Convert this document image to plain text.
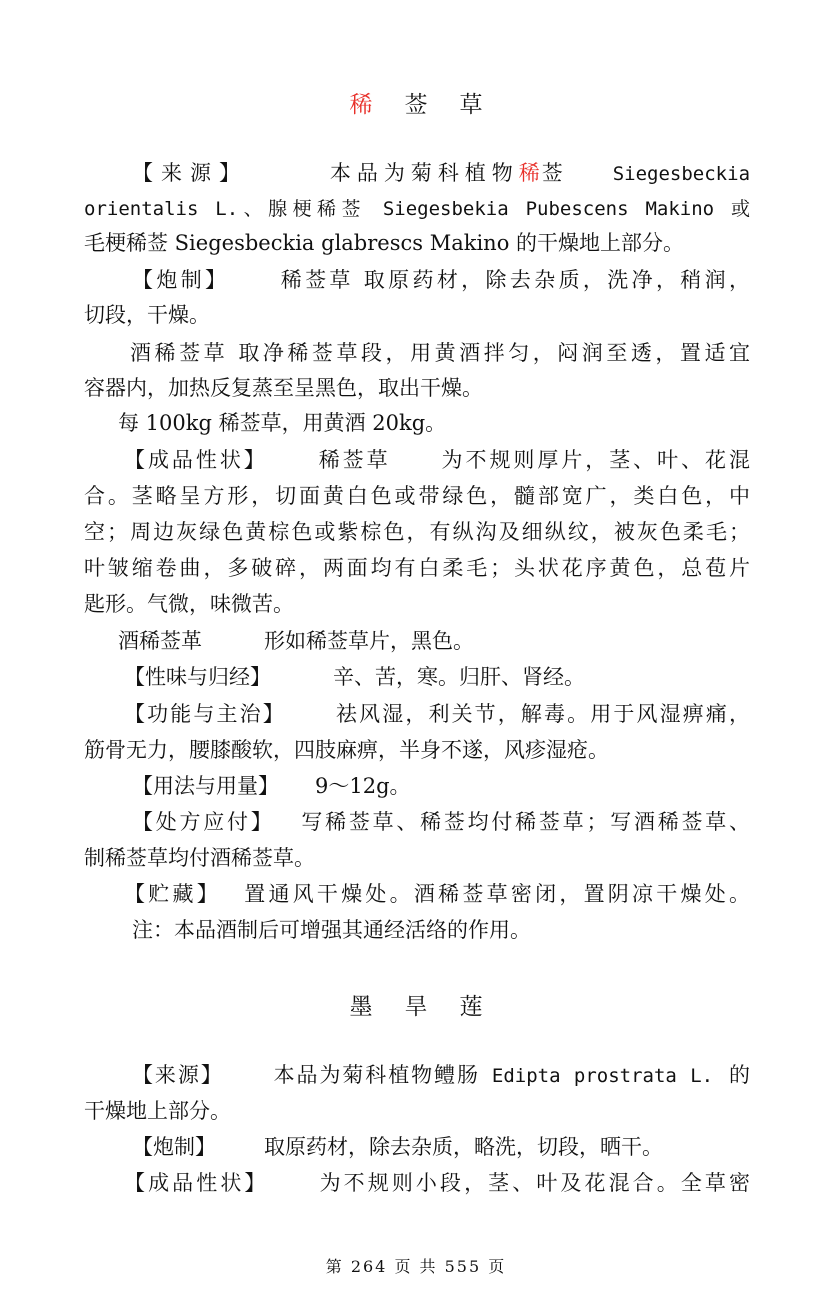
稀莶草
【来源】	本品为菊科植物稀莶	Siegesbeckia
orientalis L.、腺梗稀莶 Siegesbekia Pubescens Makino 或
毛梗稀莶 Siegesbeckia glabrescs Makino 的干燥地上部分。
【炮制】 稀莶草 取原药材，除去杂质，洗净，稍润，
切段，干燥。
酒稀莶草 取净稀莶草段，用黄酒拌匀，闷润至透，置适宜
容器内，加热反复蒸至呈黑色，取出干燥。
每 100kg 稀莶草，用黄酒 20kg。
【成品性状】 稀莶草 为不规则厚片，茎、叶、花混
合。茎略呈方形，切面黄白色或带绿色，髓部宽广，类白色，中
空；周边灰绿色黄棕色或紫棕色，有纵沟及细纵纹，被灰色柔毛；
叶皱缩卷曲，多破碎，两面均有白柔毛；头状花序黄色，总苞片
匙形。气微，味微苦。
酒稀莶革	形如稀莶草片，黑色。
【性味与归经】	辛、苦，寒。归肝、肾经。
【功能与主治】 祛风湿，利关节，解毒。用于风湿痹痛，
筋骨无力，腰膝酸软，四肢麻痹，半身不遂，风疹湿疮。
【用法与用量】 9～12g。
【处方应付】 写稀莶草、稀莶均付稀莶草；写酒稀莶草、
制稀莶草均付酒稀莶草。
【贮藏】 置通风干燥处。酒稀莶草密闭，置阴凉干燥处。
注：本品酒制后可增强其通经活络的作用。
墨旱莲
【来源】 本品为菊科植物鳢肠 Edipta prostrata L. 的
干燥地上部分。
【炮制】 取原药材，除去杂质，略洗，切段，晒干。
【成品性状】 为不规则小段，茎、叶及花混合。全草密
第 264 页 共 555 页
